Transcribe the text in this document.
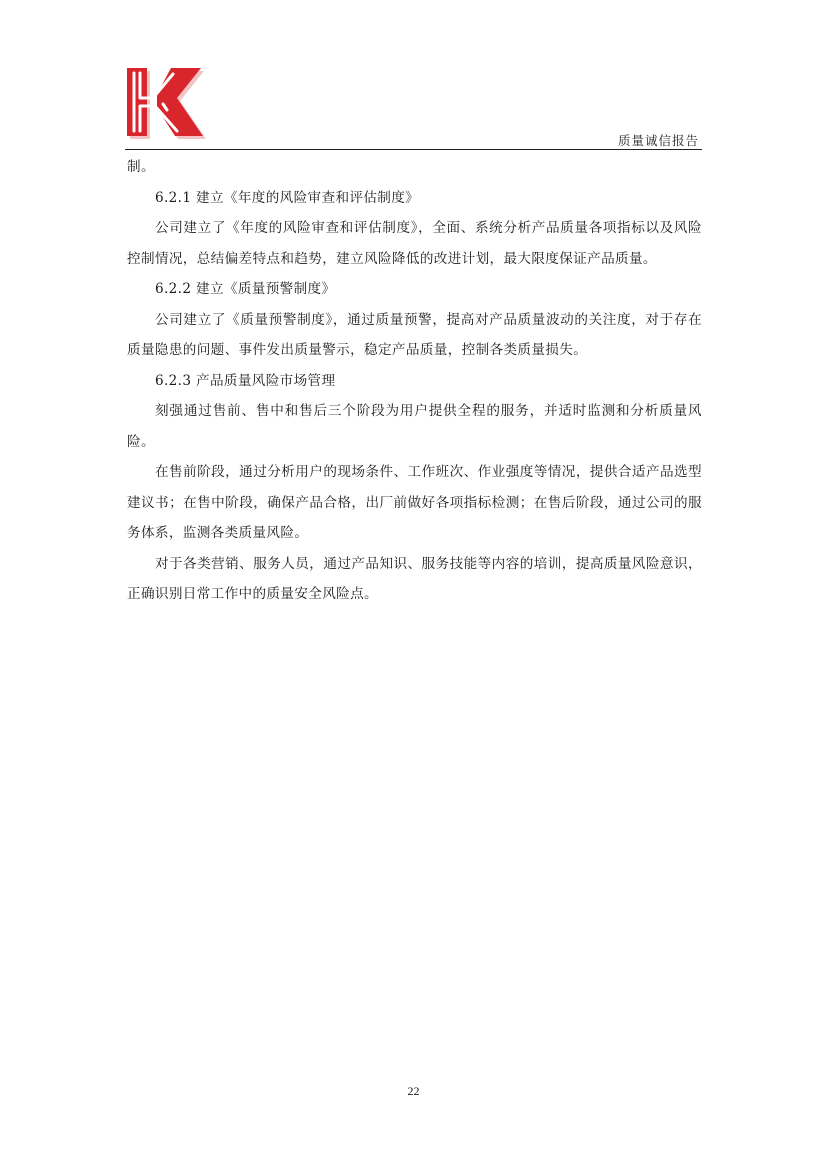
质量诚信报告

制。

6.2.1 建立《年度的风险审查和评估制度》

公司建立了《年度的风险审查和评估制度》，全面、系统分析产品质量各项指标以及风险控制情况，总结偏差特点和趋势，建立风险降低的改进计划，最大限度保证产品质量。

6.2.2 建立《质量预警制度》

公司建立了《质量预警制度》，通过质量预警，提高对产品质量波动的关注度，对于存在质量隐患的问题、事件发出质量警示，稳定产品质量，控制各类质量损失。

6.2.3 产品质量风险市场管理

刻强通过售前、售中和售后三个阶段为用户提供全程的服务，并适时监测和分析质量风险。

在售前阶段，通过分析用户的现场条件、工作班次、作业强度等情况，提供合适产品选型建议书；在售中阶段，确保产品合格，出厂前做好各项指标检测；在售后阶段，通过公司的服务体系，监测各类质量风险。

对于各类营销、服务人员，通过产品知识、服务技能等内容的培训，提高质量风险意识，正确识别日常工作中的质量安全风险点。

22
